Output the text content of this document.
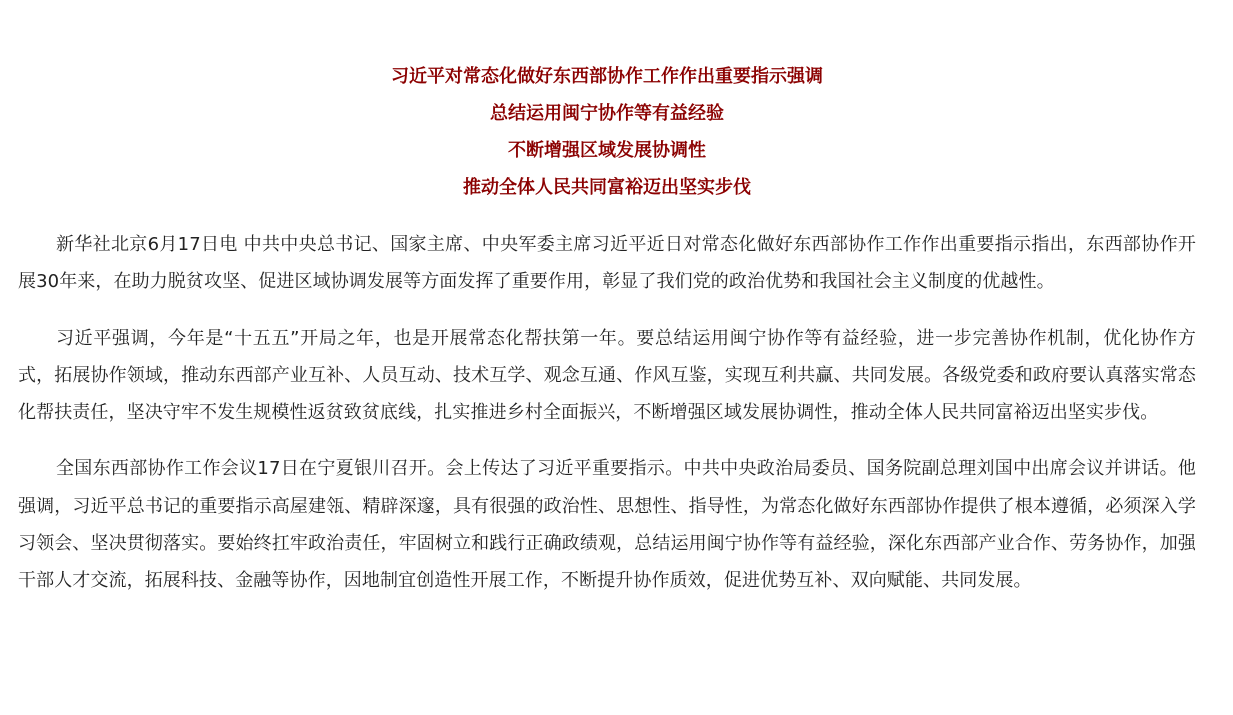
习近平对常态化做好东西部协作工作作出重要指示强调
总结运用闽宁协作等有益经验
不断增强区域发展协调性
推动全体人民共同富裕迈出坚实步伐

新华社北京6月17日电 中共中央总书记、国家主席、中央军委主席习近平近日对常态化做好东西部协作工作作出重要指示指出，东西部协作开展30年来，在助力脱贫攻坚、促进区域协调发展等方面发挥了重要作用，彰显了我们党的政治优势和我国社会主义制度的优越性。

习近平强调，今年是“十五五”开局之年，也是开展常态化帮扶第一年。要总结运用闽宁协作等有益经验，进一步完善协作机制，优化协作方式，拓展协作领域，推动东西部产业互补、人员互动、技术互学、观念互通、作风互鉴，实现互利共赢、共同发展。各级党委和政府要认真落实常态化帮扶责任，坚决守牢不发生规模性返贫致贫底线，扎实推进乡村全面振兴，不断增强区域发展协调性，推动全体人民共同富裕迈出坚实步伐。

全国东西部协作工作会议17日在宁夏银川召开。会上传达了习近平重要指示。中共中央政治局委员、国务院副总理刘国中出席会议并讲话。他强调，习近平总书记的重要指示高屋建瓴、精辟深邃，具有很强的政治性、思想性、指导性，为常态化做好东西部协作提供了根本遵循，必须深入学习领会、坚决贯彻落实。要始终扛牢政治责任，牢固树立和践行正确政绩观，总结运用闽宁协作等有益经验，深化东西部产业合作、劳务协作，加强干部人才交流，拓展科技、金融等协作，因地制宜创造性开展工作，不断提升协作质效，促进优势互补、双向赋能、共同发展。
